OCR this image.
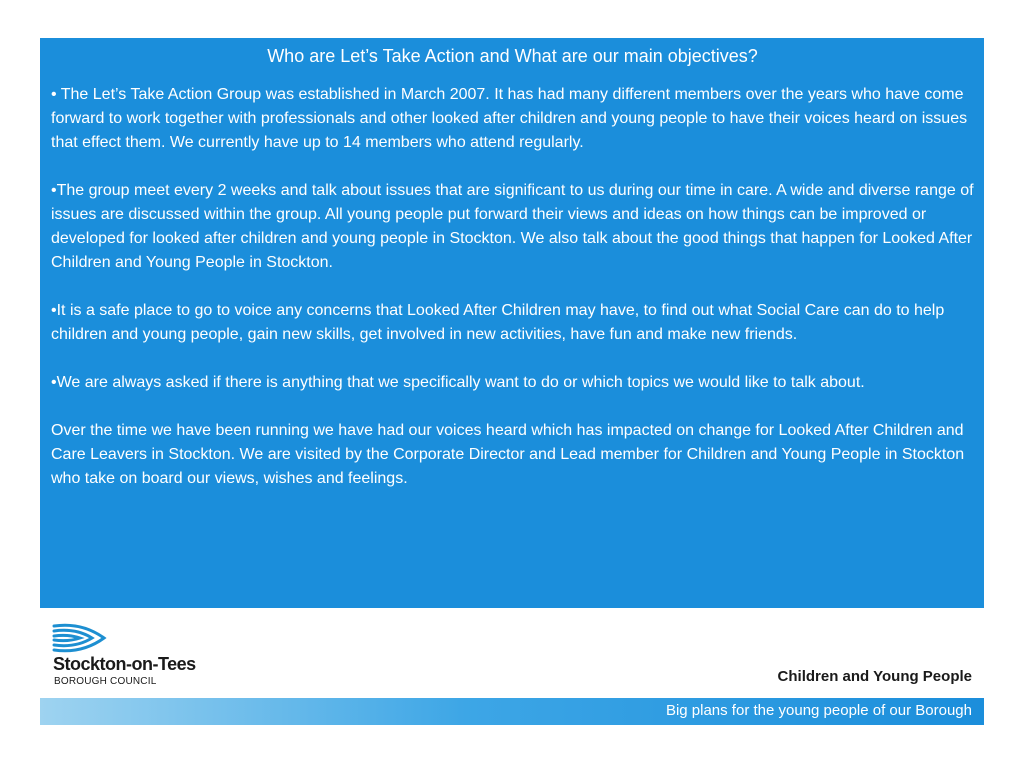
Who are Let’s Take Action and What are our main objectives?

• The Let’s Take Action Group was established in March 2007. It has had many different members over the years who have come forward to work together with professionals and other looked after children and young people to have their voices heard on issues that effect them. We currently have up to 14 members who attend regularly.

•The group meet every 2 weeks and talk about issues that are significant to us during our time in care. A wide and diverse range of issues are discussed within the group. All young people put forward their views and ideas on how things can be improved or developed for looked after children and young people in Stockton. We also talk about the good things that happen for Looked After Children and Young People in Stockton.

•It is a safe place to go to voice any concerns that Looked After Children may have, to find out what Social Care can do to help children and young people, gain new skills, get involved in new activities, have fun and make new friends.

•We are always asked if there is anything that we specifically want to do or which topics we would like to talk about.

Over the time we have been running we have had our voices heard which has impacted on change for Looked After Children and Care Leavers in Stockton. We are visited by the Corporate Director and Lead member for Children and Young People in Stockton who take on board our views, wishes and feelings.

Stockton-on-Tees
BOROUGH COUNCIL	Children and Young People
Big plans for the young people of our Borough
